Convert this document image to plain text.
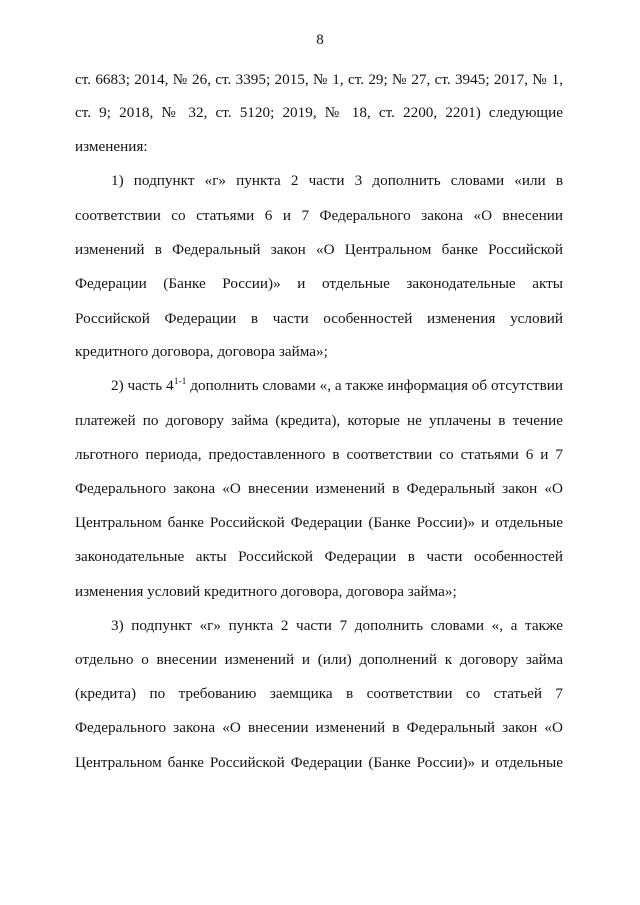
8
ст. 6683; 2014, № 26, ст. 3395; 2015, № 1, ст. 29; № 27, ст. 3945; 2017, № 1,
ст. 9; 2018, № 32, ст. 5120; 2019, № 18, ст. 2200, 2201) следующие
изменения:
1) подпункт «г» пункта 2 части 3 дополнить словами «или в
соответствии со статьями 6 и 7 Федерального закона «О внесении
изменений в Федеральный закон «О Центральном банке Российской
Федерации (Банке России)» и отдельные законодательные акты
Российской Федерации в части особенностей изменения условий
кредитного договора, договора займа»;
2) часть 4$^{1-1}$ дополнить словами «, а также информация об отсутствии
платежей по договору займа (кредита), которые не уплачены в течение
льготного периода, предоставленного в соответствии со статьями 6 и 7
Федерального закона «О внесении изменений в Федеральный закон «О
Центральном банке Российской Федерации (Банке России)» и отдельные
законодательные акты Российской Федерации в части особенностей
изменения условий кредитного договора, договора займа»;
3) подпункт «г» пункта 2 части 7 дополнить словами «, а также
отдельно о внесении изменений и (или) дополнений к договору займа
(кредита) по требованию заемщика в соответствии со статьей 7
Федерального закона «О внесении изменений в Федеральный закон «О
Центральном банке Российской Федерации (Банке России)» и отдельные
